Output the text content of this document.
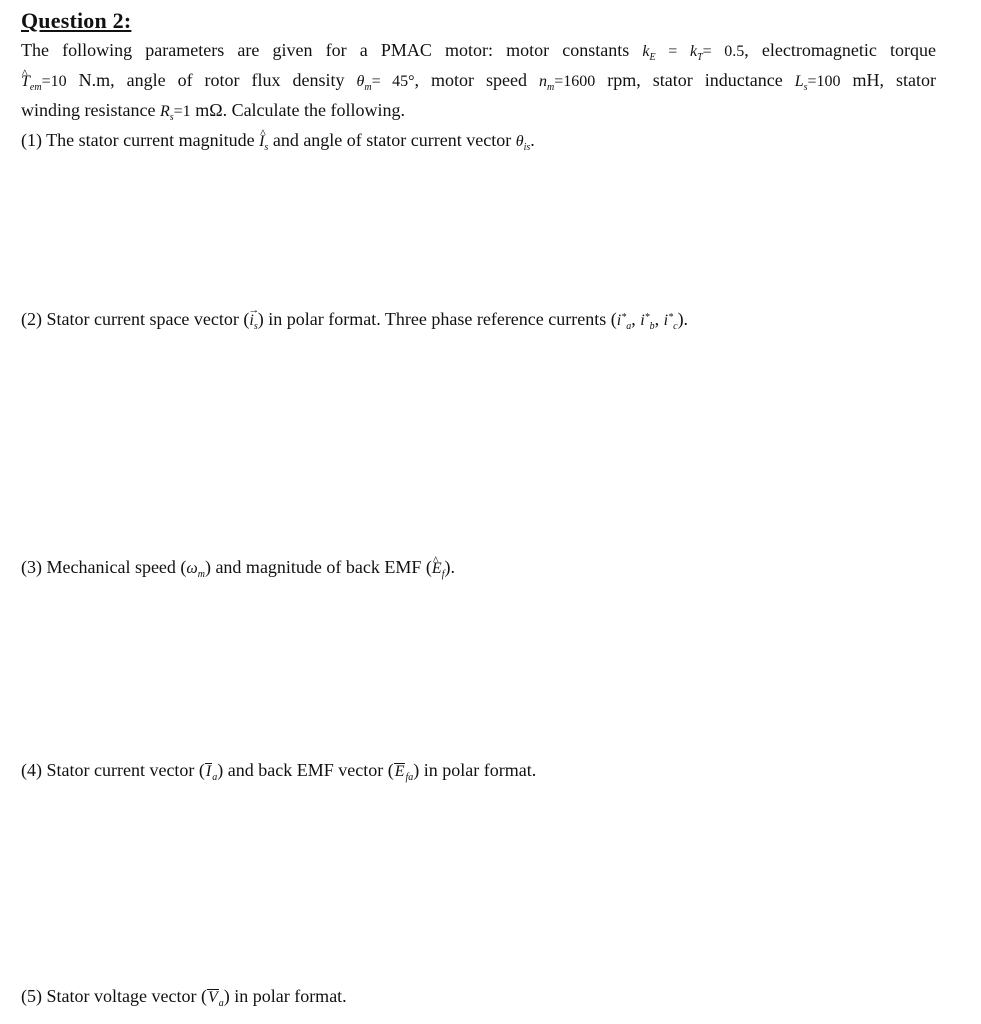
Question 2:
The following parameters are given for a PMAC motor: motor constants $k_E = k_T= 0.5$, electromagnetic torque
^ $T_{em}=10$ N.m, angle of rotor flux density $\theta_m= 45^\circ$, motor speed $n_m=1600$ rpm, stator inductance $L_s=100$ mH, stator
winding resistance $R_s=1$ mΩ. Calculate the following.
(1) The stator current magnitude ^ $I_s$ and angle of stator current vector $\theta_{is}$.
(2) Stator current space vector (→ $i_s$) in polar format. Three phase reference currents ($i^*_a$, $i^*_b$, $i^*_c$).
(3) Mechanical speed $(\omega_m)$ and magnitude of back EMF (^ $E_f$).
(4) Stator current vector $(I_a)$ and back EMF vector $(E_{fa})$ in polar format.
(5) Stator voltage vector $(V_a)$ in polar format.
